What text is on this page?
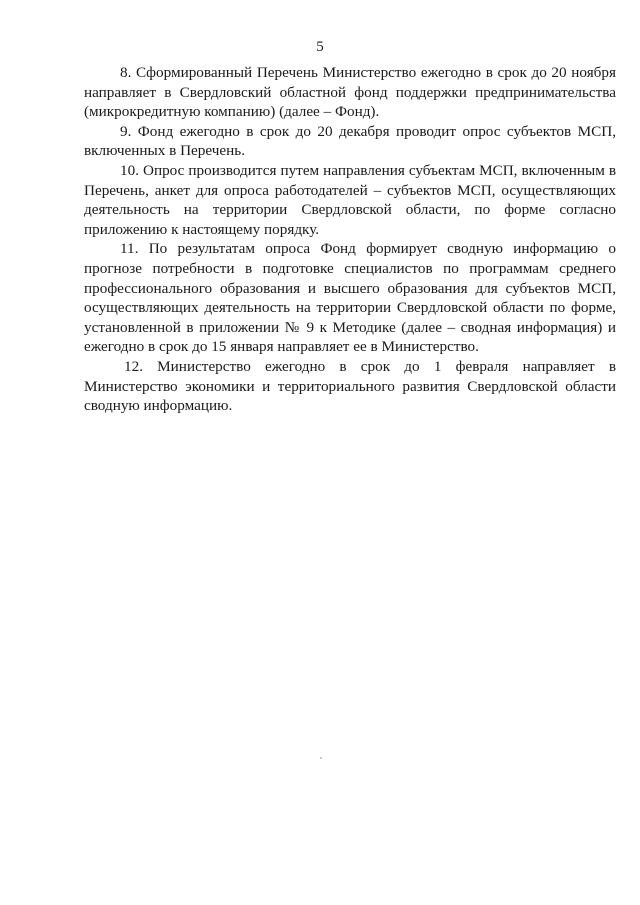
5

8. Сформированный Перечень Министерство ежегодно в срок до 20 ноября направляет в Свердловский областной фонд поддержки предпринимательства (микрокредитную компанию) (далее – Фонд).

9. Фонд ежегодно в срок до 20 декабря проводит опрос субъектов МСП, включенных в Перечень.

10. Опрос производится путем направления субъектам МСП, включенным в Перечень, анкет для опроса работодателей – субъектов МСП, осуществляющих деятельность на территории Свердловской области, по форме согласно приложению к настоящему порядку.

11. По результатам опроса Фонд формирует сводную информацию о прогнозе потребности в подготовке специалистов по программам среднего профессионального образования и высшего образования для субъектов МСП, осуществляющих деятельность на территории Свердловской области по форме, установленной в приложении № 9 к Методике (далее – сводная информация) и ежегодно в срок до 15 января направляет ее в Министерство.

12. Министерство ежегодно в срок до 1 февраля направляет в Министерство экономики и территориального развития Свердловской области сводную информацию.
